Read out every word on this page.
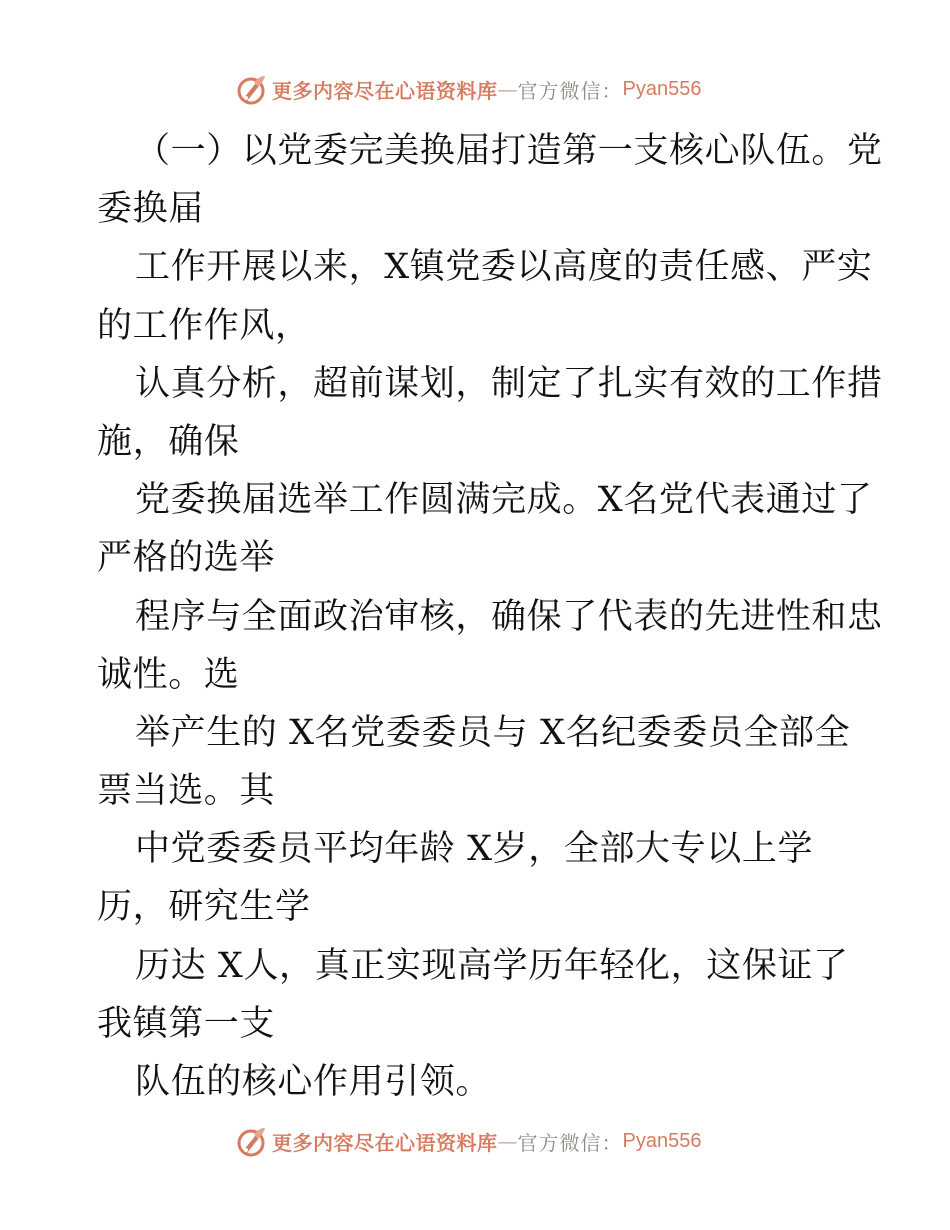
更多内容尽在心语资料库 — 官方微信： Pyan556
（一）以党委完美换届打造第一支核心队伍。党
委换届
工作开展以来，X镇党委以高度的责任感、严实
的工作作风，
认真分析，超前谋划，制定了扎实有效的工作措
施，确保
党委换届选举工作圆满完成。X名党代表通过了
严格的选举
程序与全面政治审核，确保了代表的先进性和忠
诚性。选
举产生的 X名党委委员与 X名纪委委员全部全
票当选。其
中党委委员平均年龄 X岁，全部大专以上学
历，研究生学
历达 X人，真正实现高学历年轻化，这保证了
我镇第一支
队伍的核心作用引领。
更多内容尽在心语资料库 — 官方微信： Pyan556
